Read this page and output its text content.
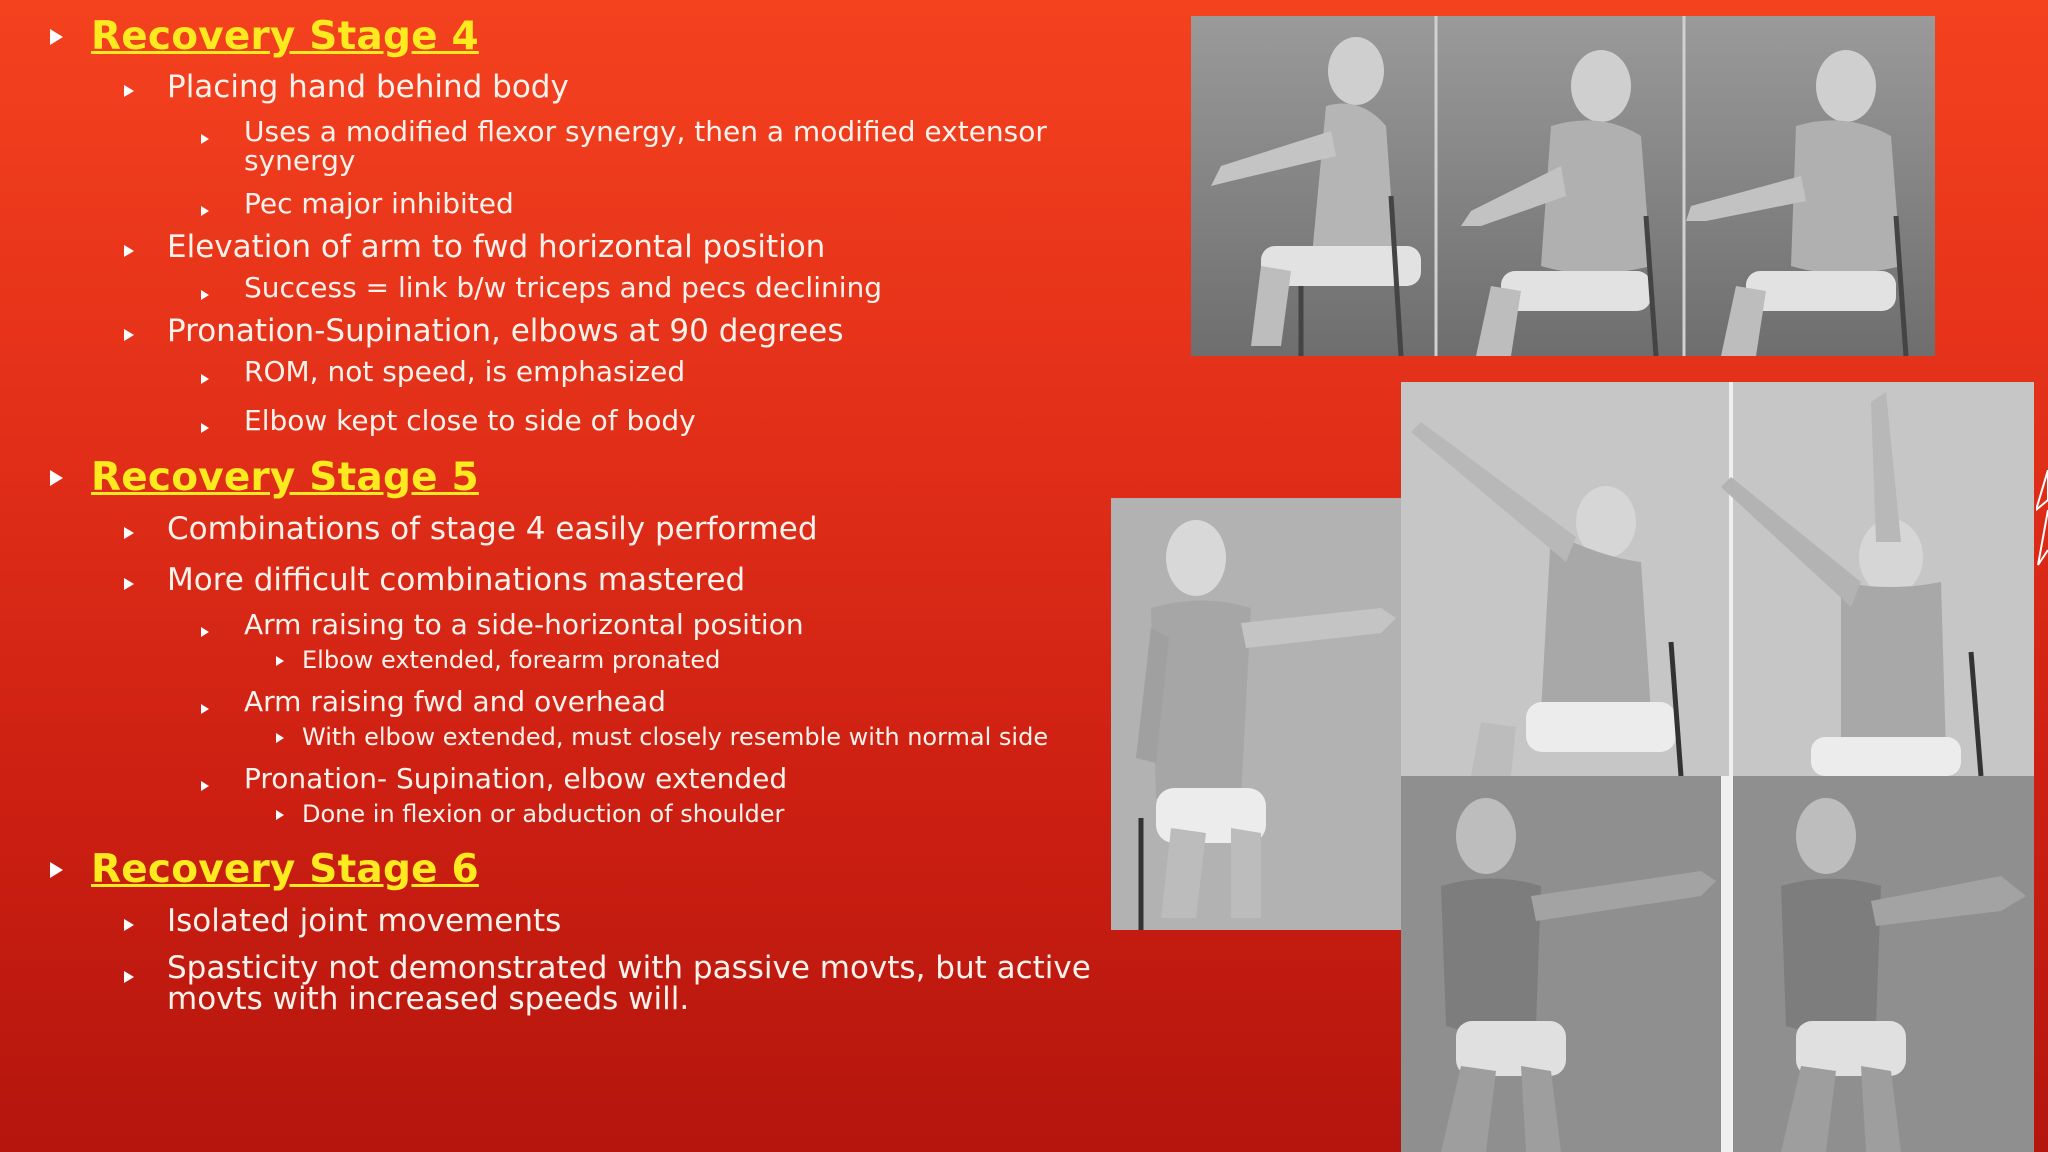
Recovery Stage 4
Placing hand behind body
Uses a modified flexor synergy, then a modified extensor synergy
Pec major inhibited
Elevation of arm to fwd horizontal position
Success = link b/w triceps and pecs declining
Pronation-Supination, elbows at 90 degrees
ROM, not speed, is emphasized
Elbow kept close to side of body
Recovery Stage 5
Combinations of stage 4 easily performed
More difficult combinations mastered
Arm raising to a side-horizontal position
Elbow extended, forearm pronated
Arm raising fwd and overhead
With elbow extended, must closely resemble with normal side
Pronation- Supination, elbow extended
Done in flexion or abduction of shoulder
Recovery Stage 6
Isolated joint movements
Spasticity not demonstrated with passive movts, but active movts with increased speeds will.
